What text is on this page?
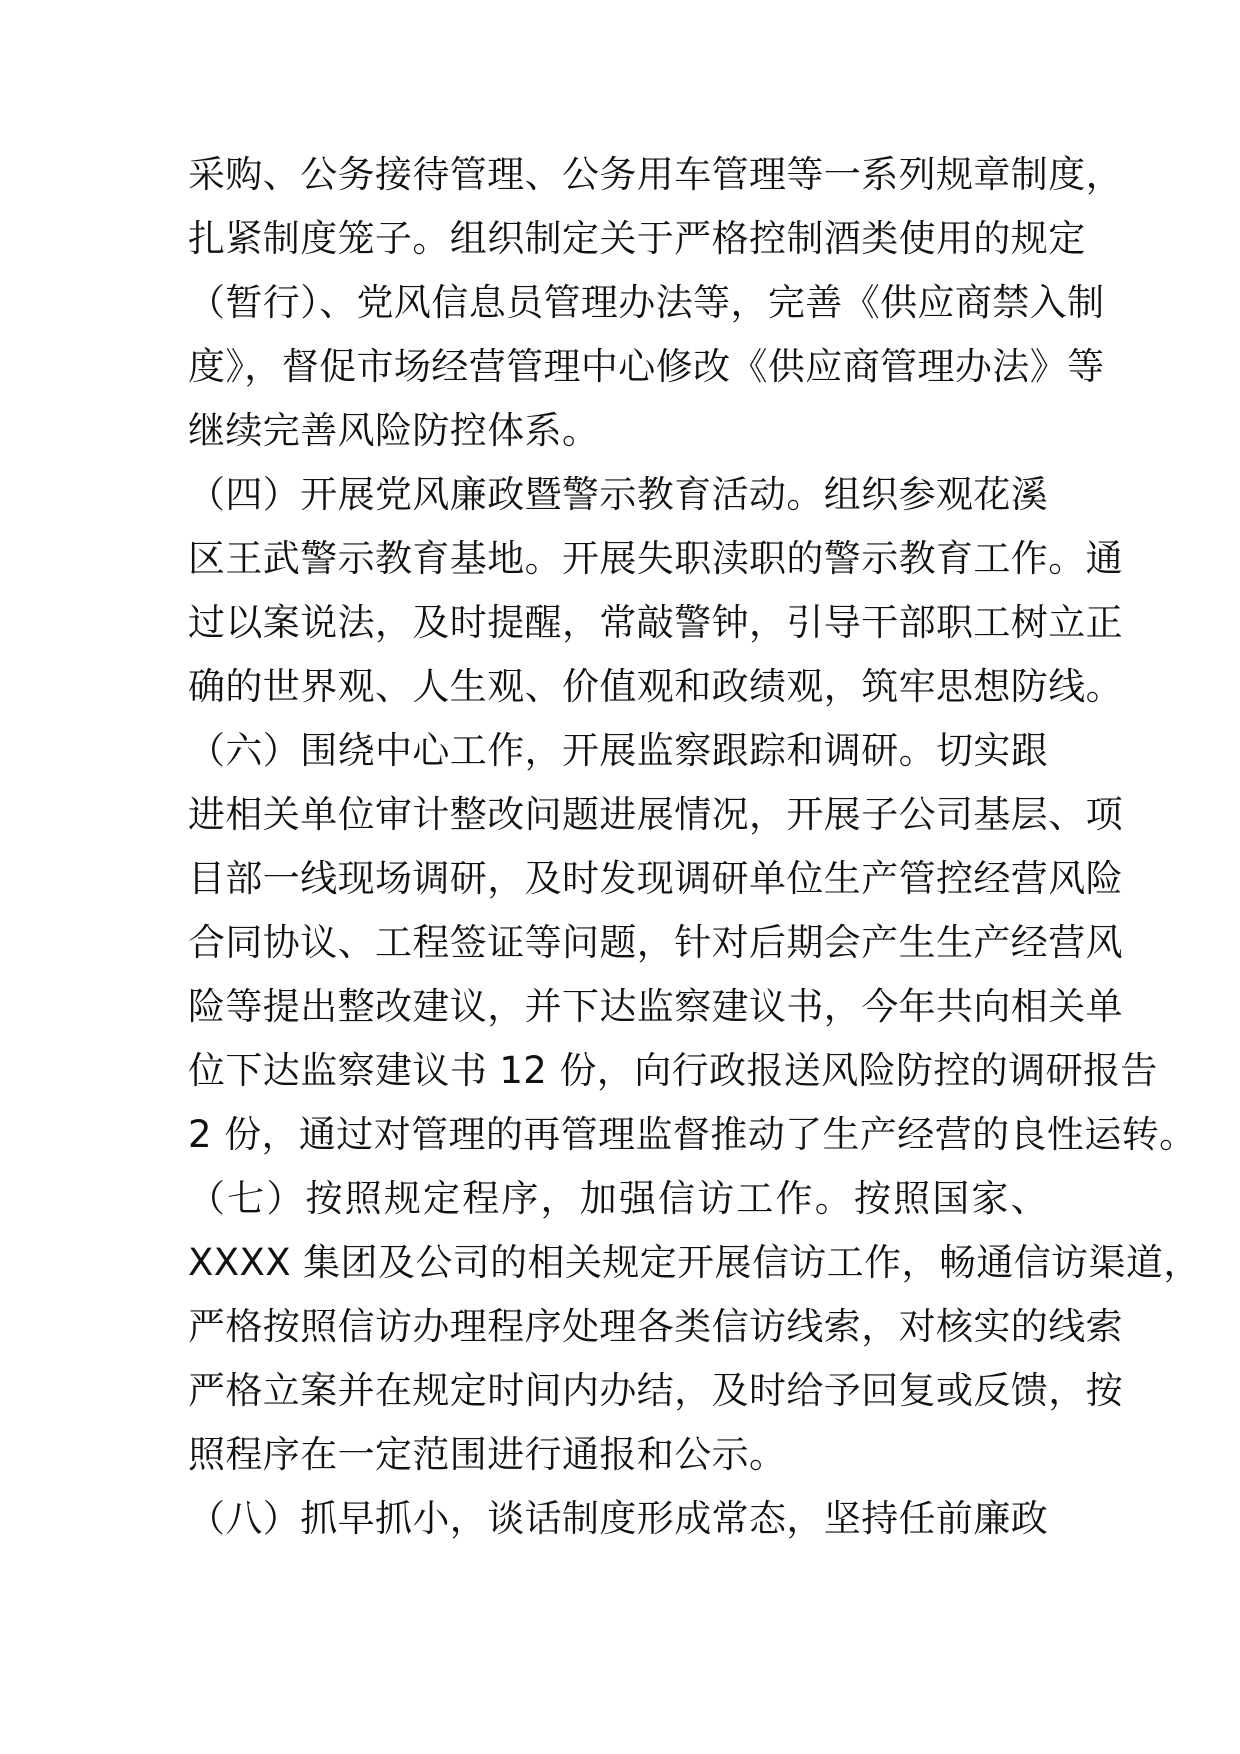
采购、公务接待管理、公务用车管理等一系列规章制度，
扎紧制度笼子。组织制定关于严格控制酒类使用的规定
（暂行）、党风信息员管理办法等，完善《供应商禁入制
度》，督促市场经营管理中心修改《供应商管理办法》等
继续完善风险防控体系。
（四）开展党风廉政暨警示教育活动。组织参观花溪
区王武警示教育基地。开展失职渎职的警示教育工作。通
过以案说法，及时提醒，常敲警钟，引导干部职工树立正
确的世界观、人生观、价值观和政绩观，筑牢思想防线。
（六）围绕中心工作，开展监察跟踪和调研。切实跟
进相关单位审计整改问题进展情况，开展子公司基层、项
目部一线现场调研，及时发现调研单位生产管控经营风险
合同协议、工程签证等问题，针对后期会产生生产经营风
险等提出整改建议，并下达监察建议书，今年共向相关单
位下达监察建议书 12 份，向行政报送风险防控的调研报告
2 份，通过对管理的再管理监督推动了生产经营的良性运转。
（七）按照规定程序，加强信访工作。按照国家、
XXXX 集团及公司的相关规定开展信访工作，畅通信访渠道，
严格按照信访办理程序处理各类信访线索，对核实的线索
严格立案并在规定时间内办结，及时给予回复或反馈，按
照程序在一定范围进行通报和公示。
（八）抓早抓小，谈话制度形成常态，坚持任前廉政
